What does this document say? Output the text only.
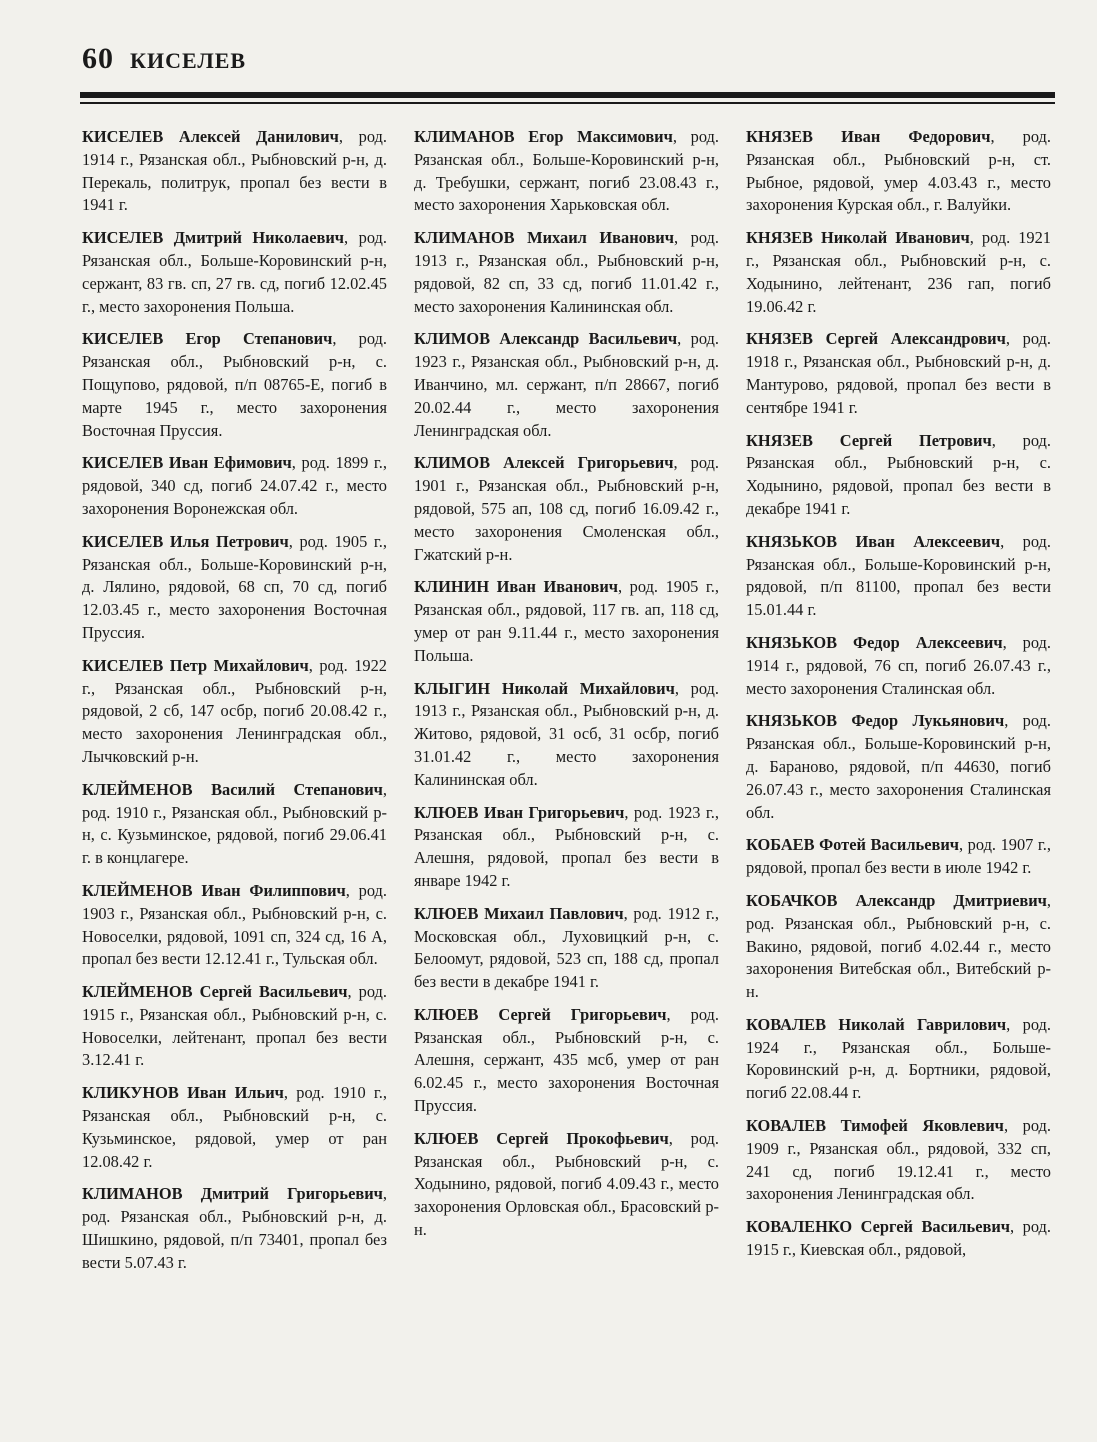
60 КИСЕЛЕВ

КИСЕЛЕВ Алексей Данилович, род. 1914 г., Рязанская обл., Рыбновский р-н, д. Перекаль, политрук, пропал без вести в 1941 г.

КИСЕЛЕВ Дмитрий Николаевич, род. Рязанская обл., Больше-Коровинский р-н, сержант, 83 гв. сп, 27 гв. сд, погиб 12.02.45 г., место захоронения Польша.

КИСЕЛЕВ Егор Степанович, род. Рязанская обл., Рыбновский р-н, с. Пощупово, рядовой, п/п 08765-Е, погиб в марте 1945 г., место захоронения Восточная Пруссия.

КИСЕЛЕВ Иван Ефимович, род. 1899 г., рядовой, 340 сд, погиб 24.07.42 г., место захоронения Воронежская обл.

КИСЕЛЕВ Илья Петрович, род. 1905 г., Рязанская обл., Больше-Коровинский р-н, д. Лялино, рядовой, 68 сп, 70 сд, погиб 12.03.45 г., место захоронения Восточная Пруссия.

КИСЕЛЕВ Петр Михайлович, род. 1922 г., Рязанская обл., Рыбновский р-н, рядовой, 2 сб, 147 осбр, погиб 20.08.42 г., место захоронения Ленинградская обл., Лычковский р-н.

КЛЕЙМЕНОВ Василий Степанович, род. 1910 г., Рязанская обл., Рыбновский р-н, с. Кузьминское, рядовой, погиб 29.06.41 г. в концлагере.

КЛЕЙМЕНОВ Иван Филиппович, род. 1903 г., Рязанская обл., Рыбновский р-н, с. Новоселки, рядовой, 1091 сп, 324 сд, 16 А, пропал без вести 12.12.41 г., Тульская обл.

КЛЕЙМЕНОВ Сергей Васильевич, род. 1915 г., Рязанская обл., Рыбновский р-н, с. Новоселки, лейтенант, пропал без вести 3.12.41 г.

КЛИКУНОВ Иван Ильич, род. 1910 г., Рязанская обл., Рыбновский р-н, с. Кузьминское, рядовой, умер от ран 12.08.42 г.

КЛИМАНОВ Дмитрий Григорьевич, род. Рязанская обл., Рыбновский р-н, д. Шишкино, рядовой, п/п 73401, пропал без вести 5.07.43 г.

КЛИМАНОВ Егор Максимович, род. Рязанская обл., Больше-Коровинский р-н, д. Требушки, сержант, погиб 23.08.43 г., место захоронения Харьковская обл.

КЛИМАНОВ Михаил Иванович, род. 1913 г., Рязанская обл., Рыбновский р-н, рядовой, 82 сп, 33 сд, погиб 11.01.42 г., место захоронения Калининская обл.

КЛИМОВ Александр Васильевич, род. 1923 г., Рязанская обл., Рыбновский р-н, д. Иванчино, мл. сержант, п/п 28667, погиб 20.02.44 г., место захоронения Ленинградская обл.

КЛИМОВ Алексей Григорьевич, род. 1901 г., Рязанская обл., Рыбновский р-н, рядовой, 575 ап, 108 сд, погиб 16.09.42 г., место захоронения Смоленская обл., Гжатский р-н.

КЛИНИН Иван Иванович, род. 1905 г., Рязанская обл., рядовой, 117 гв. ап, 118 сд, умер от ран 9.11.44 г., место захоронения Польша.

КЛЫГИН Николай Михайлович, род. 1913 г., Рязанская обл., Рыбновский р-н, д. Житово, рядовой, 31 осб, 31 осбр, погиб 31.01.42 г., место захоронения Калининская обл.

КЛЮЕВ Иван Григорьевич, род. 1923 г., Рязанская обл., Рыбновский р-н, с. Алешня, рядовой, пропал без вести в январе 1942 г.

КЛЮЕВ Михаил Павлович, род. 1912 г., Московская обл., Луховицкий р-н, с. Белоомут, рядовой, 523 сп, 188 сд, пропал без вести в декабре 1941 г.

КЛЮЕВ Сергей Григорьевич, род. Рязанская обл., Рыбновский р-н, с. Алешня, сержант, 435 мсб, умер от ран 6.02.45 г., место захоронения Восточная Пруссия.

КЛЮЕВ Сергей Прокофьевич, род. Рязанская обл., Рыбновский р-н, с. Ходынино, рядовой, погиб 4.09.43 г., место захоронения Орловская обл., Брасовский р-н.

КНЯЗЕВ Иван Федорович, род. Рязанская обл., Рыбновский р-н, ст. Рыбное, рядовой, умер 4.03.43 г., место захоронения Курская обл., г. Валуйки.

КНЯЗЕВ Николай Иванович, род. 1921 г., Рязанская обл., Рыбновский р-н, с. Ходынино, лейтенант, 236 гап, погиб 19.06.42 г.

КНЯЗЕВ Сергей Александрович, род. 1918 г., Рязанская обл., Рыбновский р-н, д. Мантурово, рядовой, пропал без вести в сентябре 1941 г.

КНЯЗЕВ Сергей Петрович, род. Рязанская обл., Рыбновский р-н, с. Ходынино, рядовой, пропал без вести в декабре 1941 г.

КНЯЗЬКОВ Иван Алексеевич, род. Рязанская обл., Больше-Коровинский р-н, рядовой, п/п 81100, пропал без вести 15.01.44 г.

КНЯЗЬКОВ Федор Алексеевич, род. 1914 г., рядовой, 76 сп, погиб 26.07.43 г., место захоронения Сталинская обл.

КНЯЗЬКОВ Федор Лукьянович, род. Рязанская обл., Больше-Коровинский р-н, д. Бараново, рядовой, п/п 44630, погиб 26.07.43 г., место захоронения Сталинская обл.

КОБАЕВ Фотей Васильевич, род. 1907 г., рядовой, пропал без вести в июле 1942 г.

КОБАЧКОВ Александр Дмитриевич, род. Рязанская обл., Рыбновский р-н, с. Вакино, рядовой, погиб 4.02.44 г., место захоронения Витебская обл., Витебский р-н.

КОВАЛЕВ Николай Гаврилович, род. 1924 г., Рязанская обл., Больше-Коровинский р-н, д. Бортники, рядовой, погиб 22.08.44 г.

КОВАЛЕВ Тимофей Яковлевич, род. 1909 г., Рязанская обл., рядовой, 332 сп, 241 сд, погиб 19.12.41 г., место захоронения Ленинградская обл.

КОВАЛЕНКО Сергей Васильевич, род. 1915 г., Киевская обл., рядовой,
